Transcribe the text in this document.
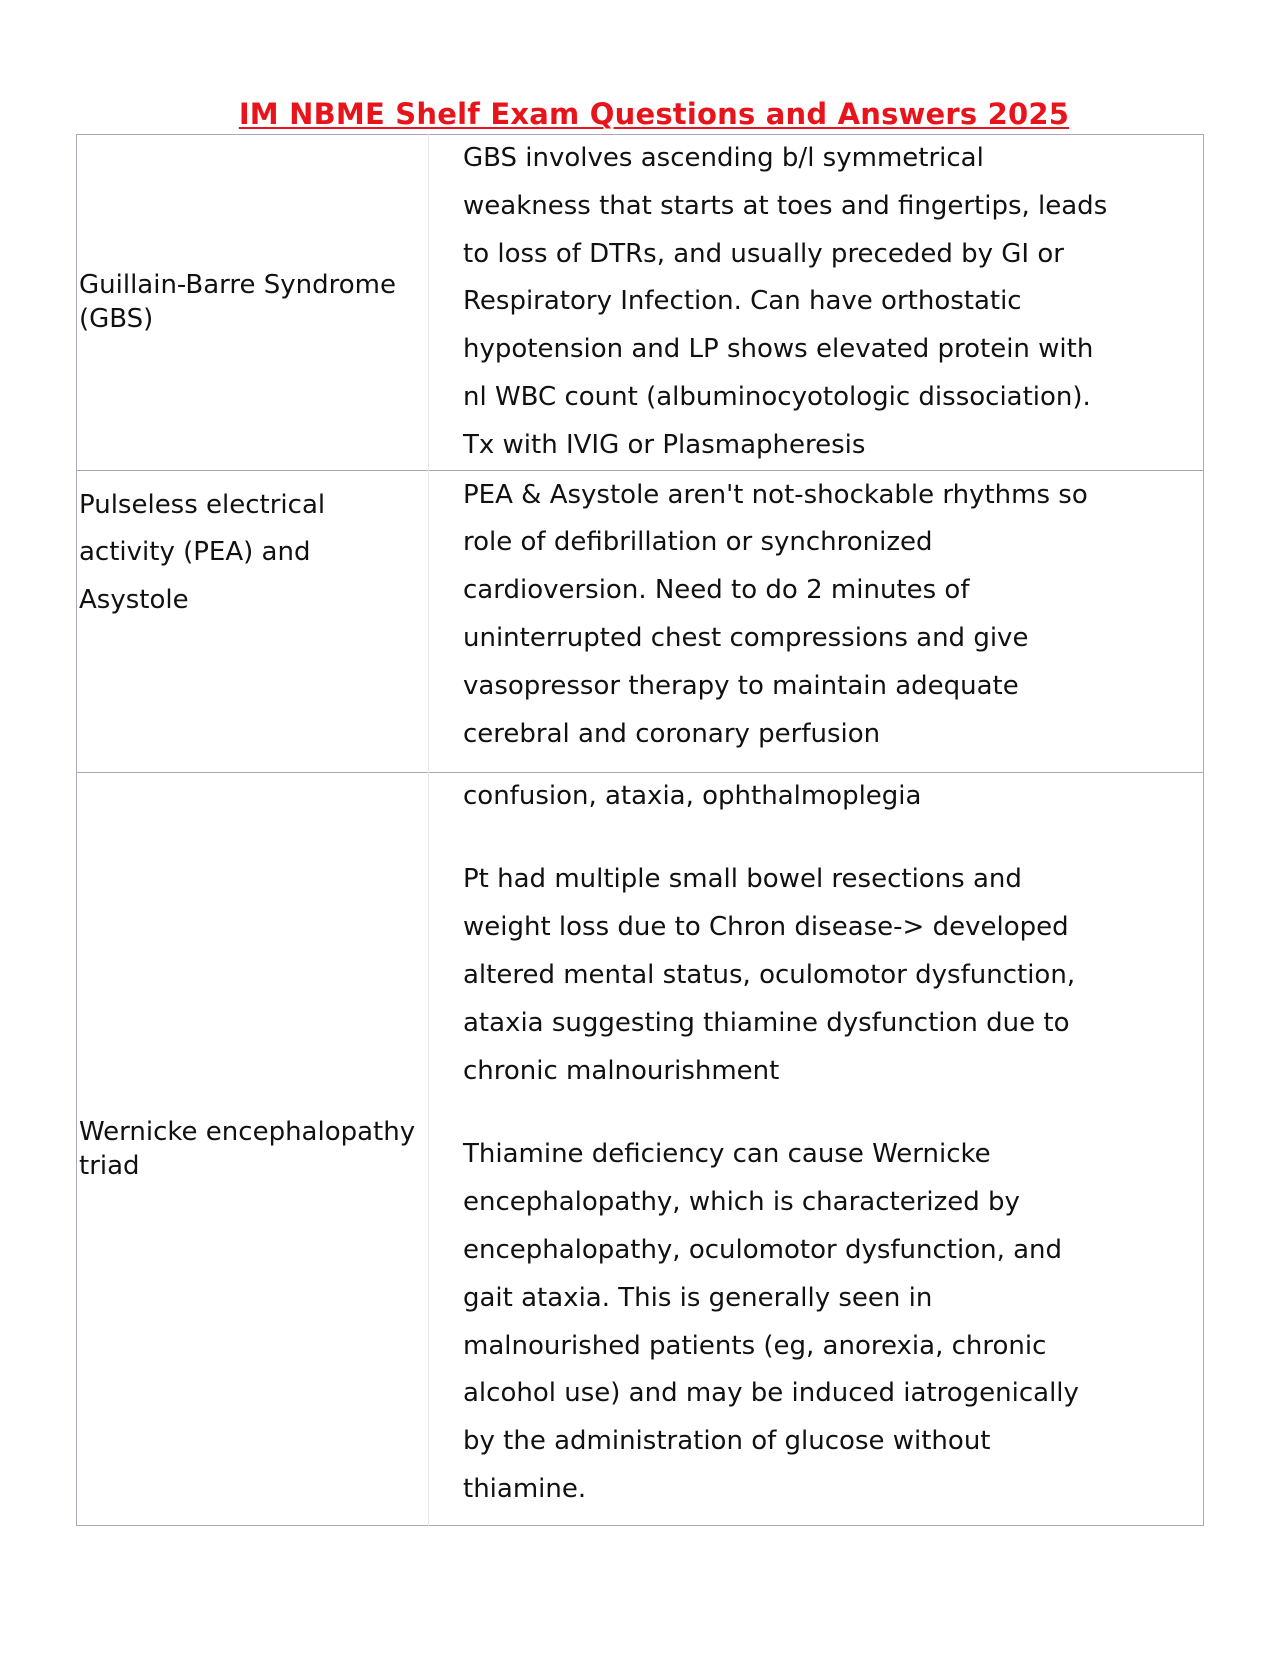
IM NBME Shelf Exam Questions and Answers 2025
Guillain-Barre Syndrome (GBS)	GBS involves ascending b/l symmetrical weakness that starts at toes and fingertips, leads to loss of DTRs, and usually preceded by GI or Respiratory Infection. Can have orthostatic hypotension and LP shows elevated protein with nl WBC count (albuminocyotologic dissociation). Tx with IVIG or Plasmapheresis

Pulseless electrical activity (PEA) and Asystole	PEA & Asystole aren't not-shockable rhythms so role of defibrillation or synchronized cardioversion. Need to do 2 minutes of uninterrupted chest compressions and give vasopressor therapy to maintain adequate cerebral and coronary perfusion

Wernicke encephalopathy triad	confusion, ataxia, ophthalmoplegia
Pt had multiple small bowel resections and weight loss due to Chron disease-> developed altered mental status, oculomotor dysfunction, ataxia suggesting thiamine dysfunction due to chronic malnourishment
Thiamine deficiency can cause Wernicke encephalopathy, which is characterized by encephalopathy, oculomotor dysfunction, and gait ataxia. This is generally seen in malnourished patients (eg, anorexia, chronic alcohol use) and may be induced iatrogenically by the administration of glucose without thiamine.
